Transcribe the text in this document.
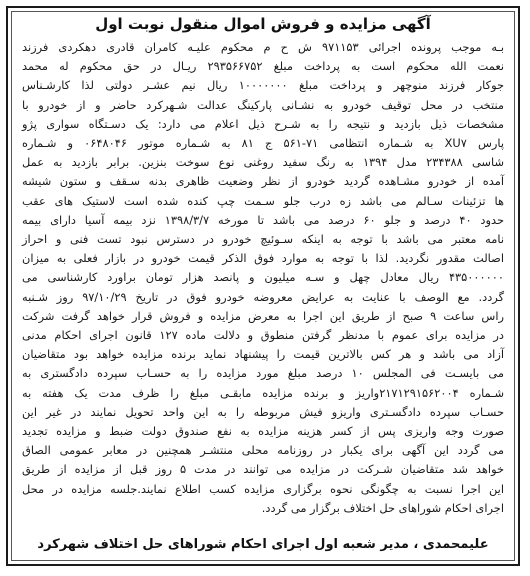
آگهی مزایده و فروش اموال منقول نوبت اول

بـه موجب پرونده اجرائی ۹۷۱۱۵۳ ش ح م محکوم علیـه کامران قادری دهکردی فرزند

نعمت الله محکوم است به پرداخت مبلغ ۲۹۳۵۶۶۷۵۲ ریـال در حق محکوم له محمد

جوکار فرزند منوچهر و پرداخت مبلغ ۱۰۰۰۰۰۰۰ ریال نیم عشـر دولتی لذا کارشـناس

منتخب در محل توقیف خودرو به نشـانی پارکینگ عدالت شـهرکرد حاضر و از خودرو با

مشخصات ذیل بازدید و نتیجه را به شـرح ذیل اعلام می دارد: یک دسـتگاه سواری پژو

پارس XU۷ به شـماره انتظامی ۷۱-۵۶۱ ج ۸۱ به شـماره موتور ۰۶۴۸۰۴۶ و شـماره

شاسی ۲۳۴۳۸۸ مدل ۱۳۹۴ به رنگ سفید روغنی نوع سوخت بنزین. برابر بازدید به عمل

آمده از خودرو مشـاهده گردید خودرو از نظر وضعیت ظاهری بدنه سـقف و ستون شیشه

ها تزئینات سـالم می باشد زه درب جلو سـمت چپ کنده شده است لاستیک های عقب

حدود ۴۰ درصد و جلو ۶۰ درصد می باشد تا مورخه ۱۳۹۸/۳/۷ نزد بیمه آسیا دارای بیمه

نامه معتبر می باشد با توجه به اینکه سـوئیچ خودرو در دسترس نبود تست فنی و احراز

اصالت مقدور نگردید. لذا با توجه به موارد فوق الذکر قیمت خودرو در بازار فعلی به میزان

۴۳۵۰۰۰۰۰۰ ریال معادل چهل و سـه میلیون و پانصد هزار تومان براورد کارشناسی می

گردد. مع الوصف با عنایت به عرایض معروضه خودرو فوق در تاریخ ۹۷/۱۰/۲۹ روز شـنبه

راس ساعت ۹ صبح از طریق این اجرا به معرض مزایده و فروش قرار خواهد گرفت شرکت

در مزایده برای عموم با مدنظر گرفتن منطوق و دلالت ماده ۱۲۷ قانون اجرای احکام مدنی

آزاد می باشد و هر کس بالاترین قیمت را پیشنهاد نماید برنده مزایده خواهد بود متقاضیان

می بایسـت فی المجلس ۱۰ درصد مبلغ مورد مزایده را به حسـاب سپرده دادگستری به

شـماره ۲۱۷۱۲۹۱۵۶۲۰۰۴واریز و برنده مزایده مابقـی مبلغ را ظرف مدت یک هفته به

حسـاب سپرده دادگسـتری واریزو فیش مربوطه را به این واحد تحویل نمایند در غیر این

صورت وجه واریزی پس از کسر هزینه مزایده به نفع صندوق دولت ضبط و مزایده تجدید

می گردد این آگهی برای یکبار در روزنامه محلی منتشـر همچنین در معابر عمومی الصاق

خواهد شد متقاضیان شـرکت در مزایده می توانند در مدت ۵ روز قبل از مزایده از طریق

این اجرا نسبت به چگونگی نحوه برگزاری مزایده کسب اطلاع نمایند.جلسه مزایده در محل

اجرای احکام شوراهای حل اختلاف برگزار می گردد.

علیمحمدی ، مدیر شعبه اول اجرای احکام شوراهای حل اختلاف شهرکرد
